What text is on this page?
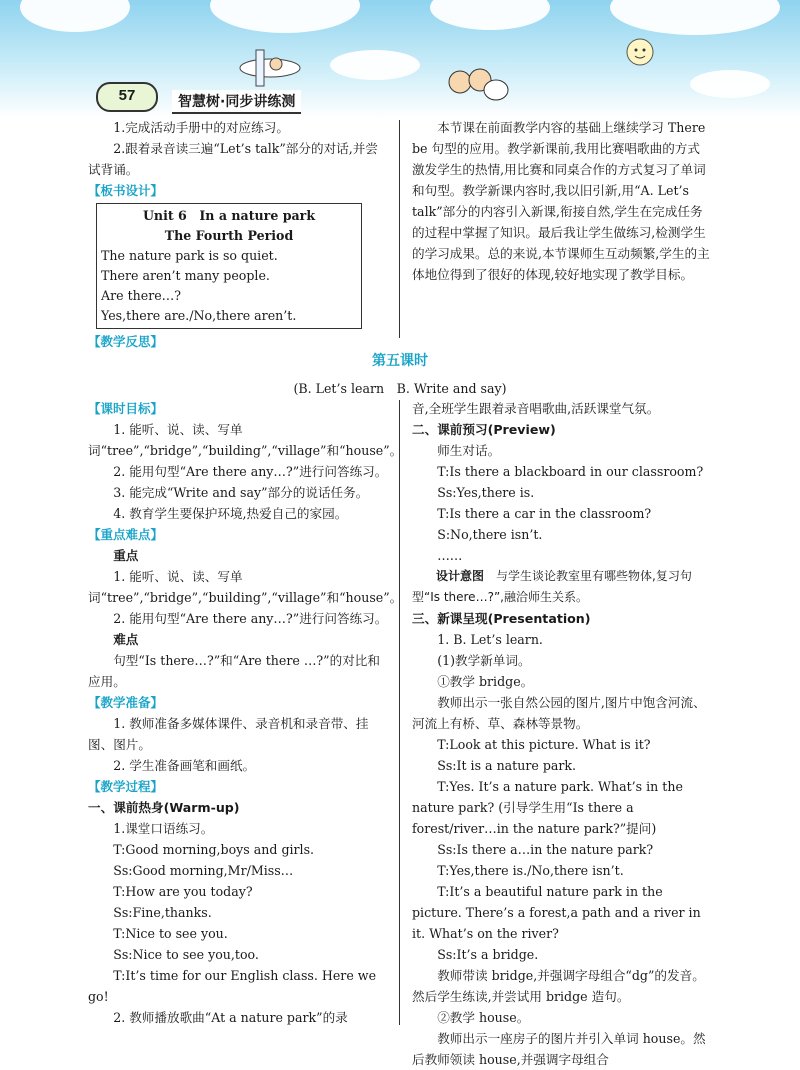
57	智慧树·同步讲练测

1.完成活动手册中的对应练习。

2.跟着录音读三遍“Let’s talk”部分的对话,并尝试背诵。

【板书设计】

Unit 6　In a nature park
The Fourth Period
The nature park is so quiet.
There aren’t many people.
Are there…?
Yes,there are./No,there aren’t.

【教学反思】

本节课在前面教学内容的基础上继续学习 There be 句型的应用。教学新课前,我用比赛唱歌曲的方式激发学生的热情,用比赛和同桌合作的方式复习了单词和句型。教学新课内容时,我以旧引新,用“A. Let’s talk”部分的内容引入新课,衔接自然,学生在完成任务的过程中掌握了知识。最后我让学生做练习,检测学生的学习成果。总的来说,本节课师生互动频繁,学生的主体地位得到了很好的体现,较好地实现了教学目标。

第五课时
(B. Let’s learn　B. Write and say)

【课时目标】

1. 能听、说、读、写单词“tree”,“bridge”,“building”,“village”和“house”。

2. 能用句型“Are there any…?”进行问答练习。

3. 能完成“Write and say”部分的说话任务。

4. 教育学生要保护环境,热爱自己的家园。

【重点难点】

重点

1. 能听、说、读、写单词“tree”,“bridge”,“building”,“village”和“house”。

2. 能用句型“Are there any…?”进行问答练习。

难点

句型“Is there…?”和“Are there …?”的对比和应用。

【教学准备】

1. 教师准备多媒体课件、录音机和录音带、挂图、图片。

2. 学生准备画笔和画纸。

【教学过程】

一、课前热身(Warm-up)

1.课堂口语练习。

T:Good morning,boys and girls.

Ss:Good morning,Mr/Miss…

T:How are you today?

Ss:Fine,thanks.

T:Nice to see you.

Ss:Nice to see you,too.

T:It’s time for our English class. Here we go!

2. 教师播放歌曲“At a nature park”的录

音,全班学生跟着录音唱歌曲,活跃课堂气氛。

二、课前预习(Preview)

师生对话。

T:Is there a blackboard in our classroom?

Ss:Yes,there is.

T:Is there a car in the classroom?

S:No,there isn’t.

……

设计意图　 与学生谈论教室里有哪些物体,复习句型“Is there…?”,融洽师生关系。

三、新课呈现(Presentation)

1. B. Let’s learn.

(1)教学新单词。

①教学 bridge。

教师出示一张自然公园的图片,图片中饱含河流、河流上有桥、草、森林等景物。

T:Look at this picture. What is it?

Ss:It is a nature park.

T:Yes. It’s a nature park. What’s in the nature park? (引导学生用“Is there a forest/river…in the nature park?”提问)

Ss:Is there a…in the nature park?

T:Yes,there is./No,there isn’t.

T:It’s a beautiful nature park in the picture. There’s a forest,a path and a river in it. What’s on the river?

Ss:It’s a bridge.

教师带读 bridge,并强调字母组合“dg”的发音。然后学生练读,并尝试用 bridge 造句。

②教学 house。

教师出示一座房子的图片并引入单词 house。然后教师领读 house,并强调字母组合
